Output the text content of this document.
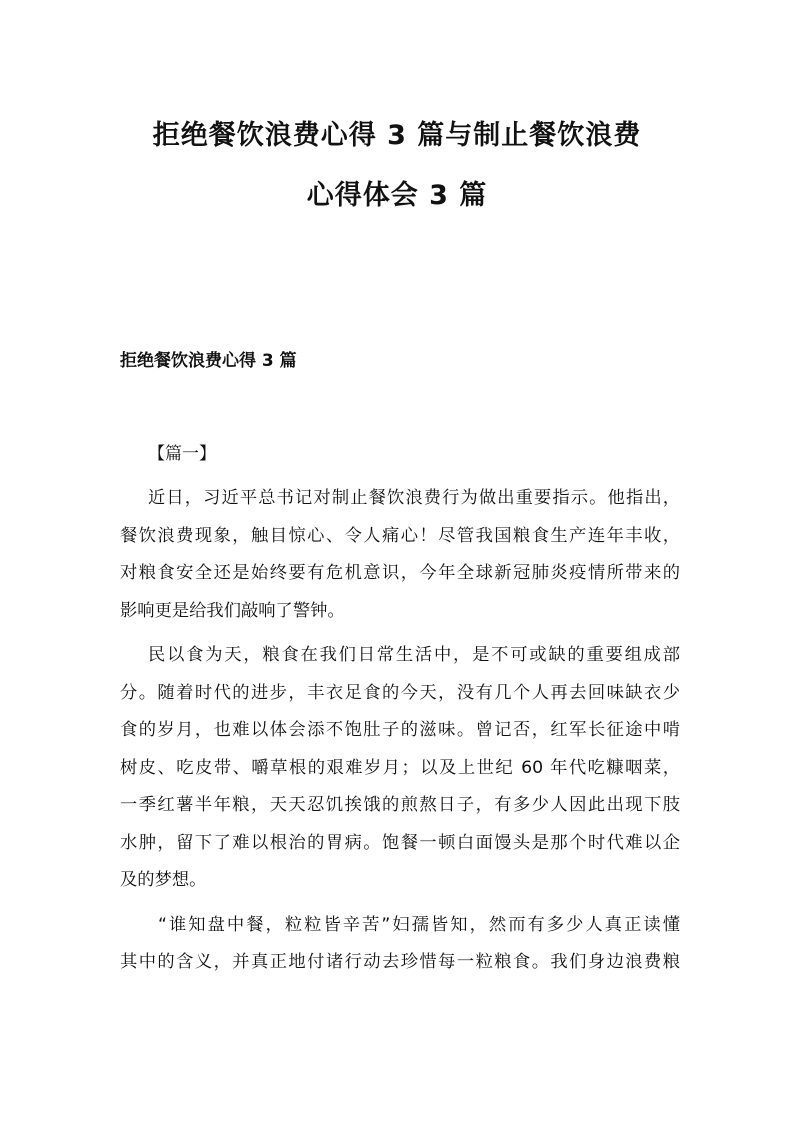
拒绝餐饮浪费心得 3 篇与制止餐饮浪费
心得体会 3 篇
拒绝餐饮浪费心得 3 篇
【篇一】
近日，习近平总书记对制止餐饮浪费行为做出重要指示。他指出，
餐饮浪费现象，触目惊心、令人痛心！尽管我国粮食生产连年丰收，
对粮食安全还是始终要有危机意识，今年全球新冠肺炎疫情所带来的
影响更是给我们敲响了警钟。
民以食为天，粮食在我们日常生活中，是不可或缺的重要组成部
分。随着时代的进步，丰衣足食的今天，没有几个人再去回味缺衣少
食的岁月，也难以体会添不饱肚子的滋味。曾记否，红军长征途中啃
树皮、吃皮带、嚼草根的艰难岁月；以及上世纪 60 年代吃糠咽菜，
一季红薯半年粮，天天忍饥挨饿的煎熬日子，有多少人因此出现下肢
水肿，留下了难以根治的胃病。饱餐一顿白面馒头是那个时代难以企
及的梦想。
“谁知盘中餐，粒粒皆辛苦”妇孺皆知，然而有多少人真正读懂
其中的含义，并真正地付诸行动去珍惜每一粒粮食。我们身边浪费粮
